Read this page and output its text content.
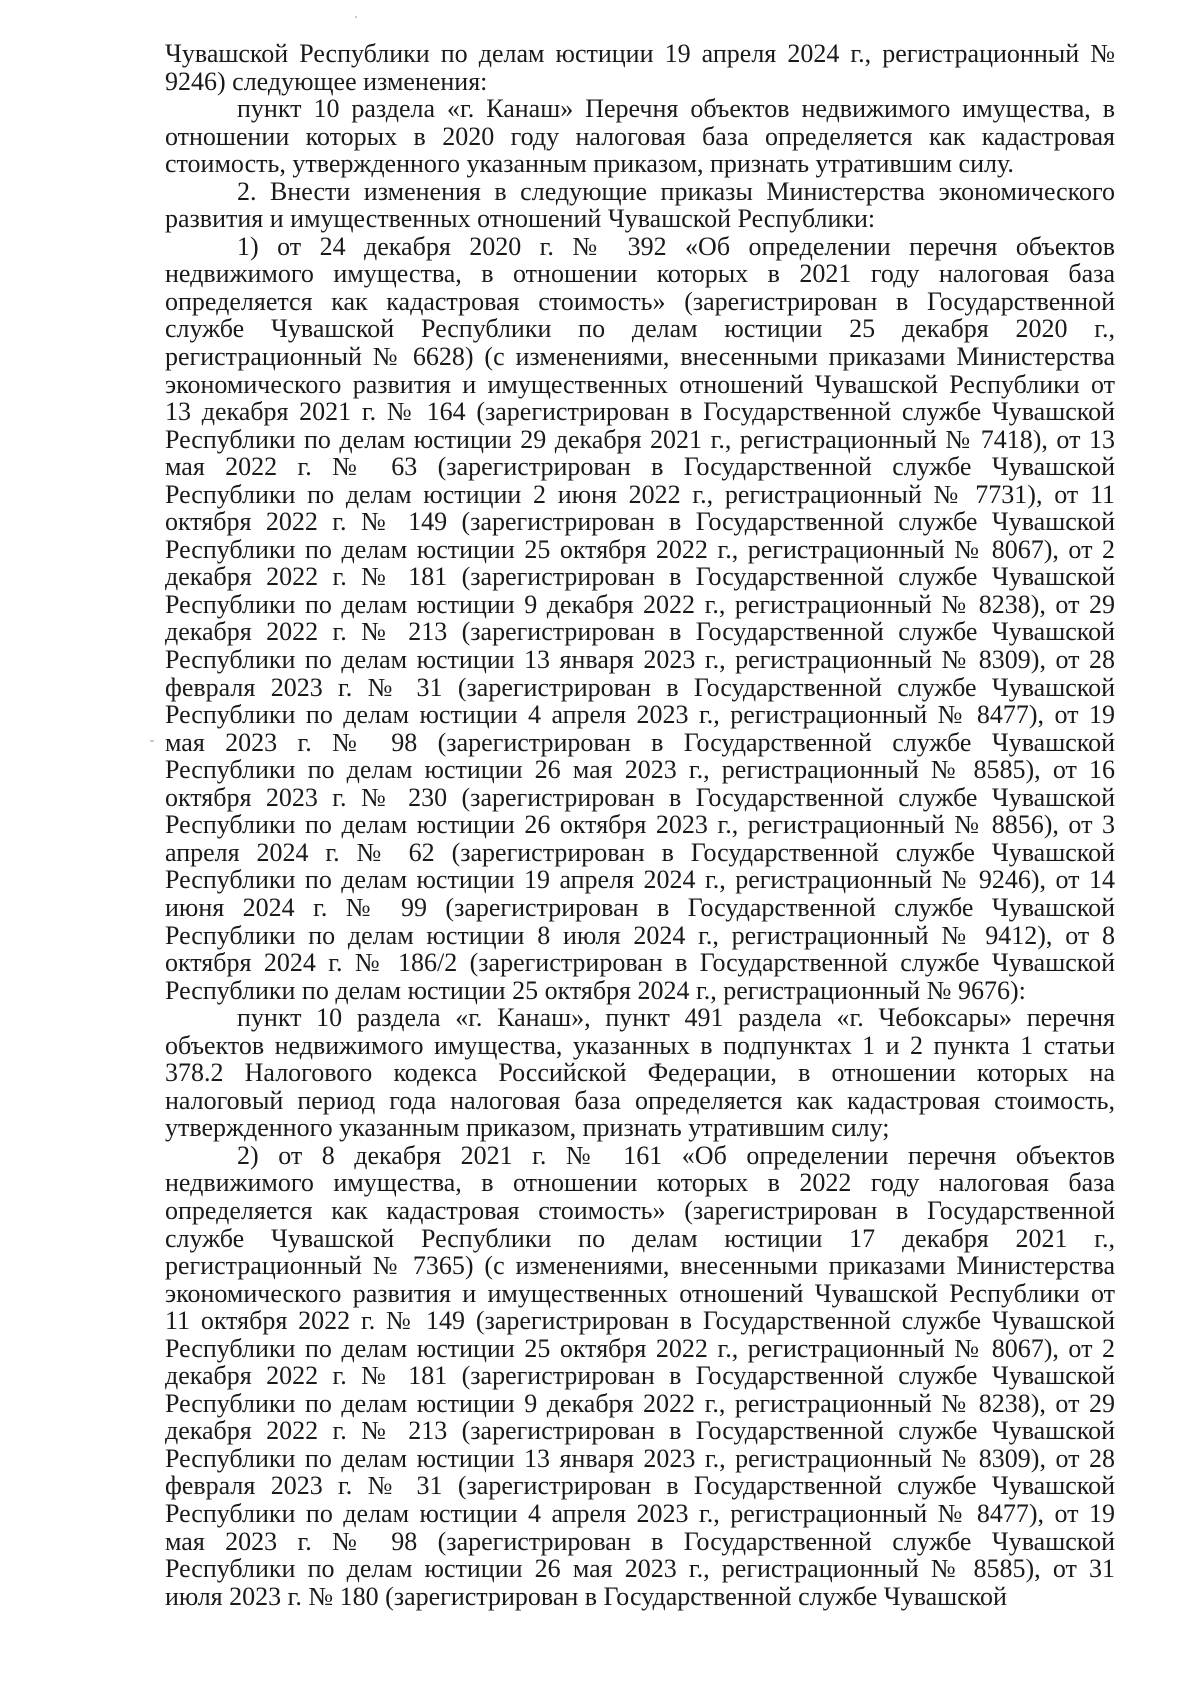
Чувашской Республики по делам юстиции 19 апреля 2024 г., регистрационный №
9246) следующее изменения:
пункт 10 раздела «г. Канаш» Перечня объектов недвижимого имущества, в
отношении которых в 2020 году налоговая база определяется как кадастровая
стоимость, утвержденного указанным приказом, признать утратившим силу.
2. Внести изменения в следующие приказы Министерства экономического
развития и имущественных отношений Чувашской Республики:
1) от 24 декабря 2020 г. № 392 «Об определении перечня объектов
недвижимого имущества, в отношении которых в 2021 году налоговая база
определяется как кадастровая стоимость» (зарегистрирован в Государственной
службе Чувашской Республики по делам юстиции 25 декабря 2020 г.,
регистрационный № 6628) (с изменениями, внесенными приказами Министерства
экономического развития и имущественных отношений Чувашской Республики от
13 декабря 2021 г. № 164 (зарегистрирован в Государственной службе Чувашской
Республики по делам юстиции 29 декабря 2021 г., регистрационный № 7418), от 13
мая 2022 г. № 63 (зарегистрирован в Государственной службе Чувашской
Республики по делам юстиции 2 июня 2022 г., регистрационный № 7731), от 11
октября 2022 г. № 149 (зарегистрирован в Государственной службе Чувашской
Республики по делам юстиции 25 октября 2022 г., регистрационный № 8067), от 2
декабря 2022 г. № 181 (зарегистрирован в Государственной службе Чувашской
Республики по делам юстиции 9 декабря 2022 г., регистрационный № 8238), от 29
декабря 2022 г. № 213 (зарегистрирован в Государственной службе Чувашской
Республики по делам юстиции 13 января 2023 г., регистрационный № 8309), от 28
февраля 2023 г. № 31 (зарегистрирован в Государственной службе Чувашской
Республики по делам юстиции 4 апреля 2023 г., регистрационный № 8477), от 19
мая 2023 г. № 98 (зарегистрирован в Государственной службе Чувашской
Республики по делам юстиции 26 мая 2023 г., регистрационный № 8585), от 16
октября 2023 г. № 230 (зарегистрирован в Государственной службе Чувашской
Республики по делам юстиции 26 октября 2023 г., регистрационный № 8856), от 3
апреля 2024 г. № 62 (зарегистрирован в Государственной службе Чувашской
Республики по делам юстиции 19 апреля 2024 г., регистрационный № 9246), от 14
июня 2024 г. № 99 (зарегистрирован в Государственной службе Чувашской
Республики по делам юстиции 8 июля 2024 г., регистрационный № 9412), от 8
октября 2024 г. № 186/2 (зарегистрирован в Государственной службе Чувашской
Республики по делам юстиции 25 октября 2024 г., регистрационный № 9676):
пункт 10 раздела «г. Канаш», пункт 491 раздела «г. Чебоксары» перечня
объектов недвижимого имущества, указанных в подпунктах 1 и 2 пункта 1 статьи
378.2 Налогового кодекса Российской Федерации, в отношении которых на
налоговый период года налоговая база определяется как кадастровая стоимость,
утвержденного указанным приказом, признать утратившим силу;
2) от 8 декабря 2021 г. № 161 «Об определении перечня объектов
недвижимого имущества, в отношении которых в 2022 году налоговая база
определяется как кадастровая стоимость» (зарегистрирован в Государственной
службе Чувашской Республики по делам юстиции 17 декабря 2021 г.,
регистрационный № 7365) (с изменениями, внесенными приказами Министерства
экономического развития и имущественных отношений Чувашской Республики от
11 октября 2022 г. № 149 (зарегистрирован в Государственной службе Чувашской
Республики по делам юстиции 25 октября 2022 г., регистрационный № 8067), от 2
декабря 2022 г. № 181 (зарегистрирован в Государственной службе Чувашской
Республики по делам юстиции 9 декабря 2022 г., регистрационный № 8238), от 29
декабря 2022 г. № 213 (зарегистрирован в Государственной службе Чувашской
Республики по делам юстиции 13 января 2023 г., регистрационный № 8309), от 28
февраля 2023 г. № 31 (зарегистрирован в Государственной службе Чувашской
Республики по делам юстиции 4 апреля 2023 г., регистрационный № 8477), от 19
мая 2023 г. № 98 (зарегистрирован в Государственной службе Чувашской
Республики по делам юстиции 26 мая 2023 г., регистрационный № 8585), от 31
июля 2023 г. № 180 (зарегистрирован в Государственной службе Чувашской
